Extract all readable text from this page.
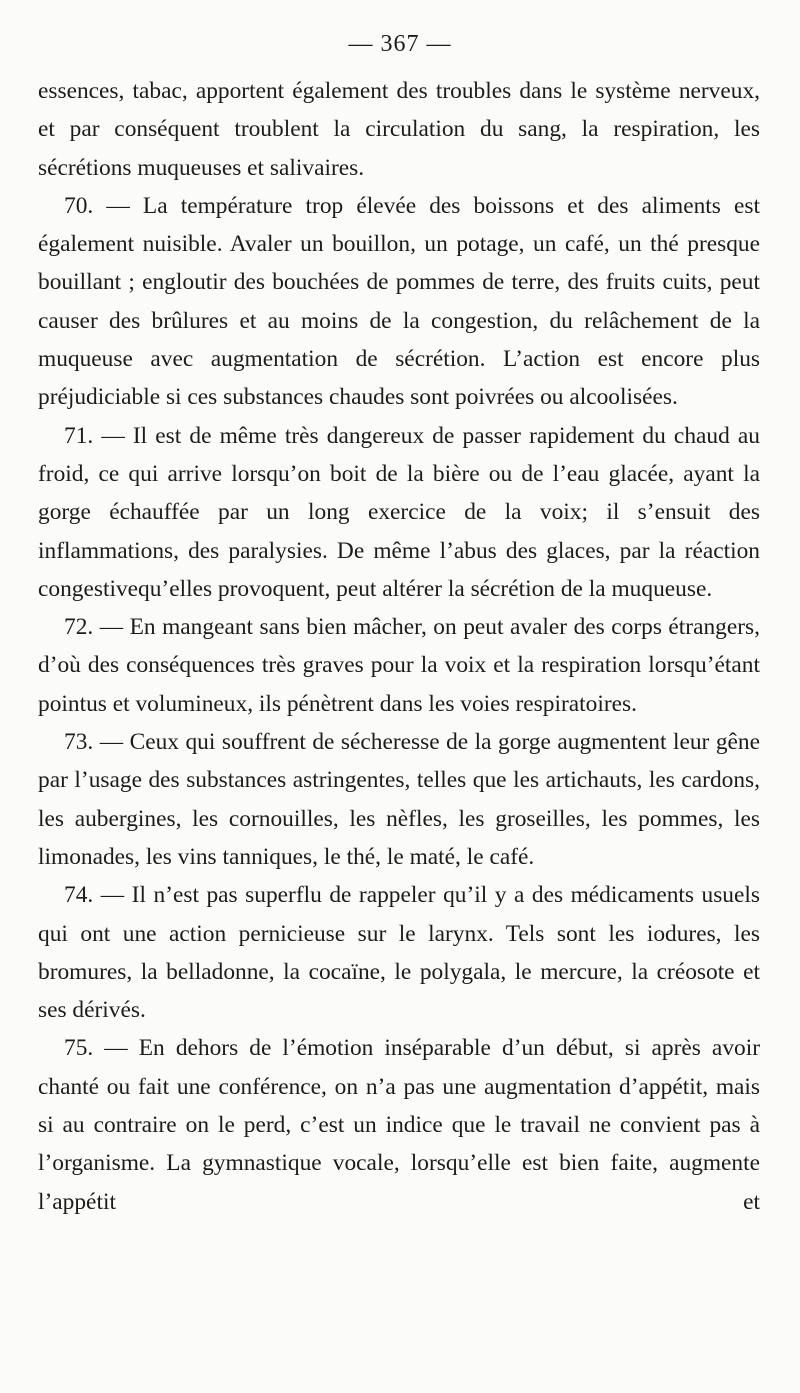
— 367 —

essences, tabac, apportent également des troubles dans le système nerveux, et par conséquent troublent la circulation du sang, la respiration, les sécrétions muqueuses et salivaires.

70. — La température trop élevée des boissons et des aliments est également nuisible. Avaler un bouillon, un potage, un café, un thé presque bouillant ; engloutir des bouchées de pommes de terre, des fruits cuits, peut causer des brûlures et au moins de la congestion, du relâchement de la muqueuse avec augmentation de sécrétion. L’action est encore plus préjudiciable si ces substances chaudes sont poivrées ou alcoolisées.

71. — Il est de même très dangereux de passer rapidement du chaud au froid, ce qui arrive lorsqu’on boit de la bière ou de l’eau glacée, ayant la gorge échauffée par un long exercice de la voix; il s’ensuit des inflammations, des paralysies. De même l’abus des glaces, par la réaction congestivequ’elles provoquent, peut altérer la sécrétion de la muqueuse.

72. — En mangeant sans bien mâcher, on peut avaler des corps étrangers, d’où des conséquences très graves pour la voix et la respiration lorsqu’étant pointus et volumineux, ils pénètrent dans les voies respiratoires.

73. — Ceux qui souffrent de sécheresse de la gorge augmentent leur gêne par l’usage des substances astringentes, telles que les artichauts, les cardons, les aubergines, les cornouilles, les nèfles, les groseilles, les pommes, les limonades, les vins tanniques, le thé, le maté, le café.

74. — Il n’est pas superflu de rappeler qu’il y a des médicaments usuels qui ont une action pernicieuse sur le larynx. Tels sont les iodures, les bromures, la belladonne, la cocaïne, le polygala, le mercure, la créosote et ses dérivés.

75. — En dehors de l’émotion inséparable d’un début, si après avoir chanté ou fait une conférence, on n’a pas une augmentation d’appétit, mais si au contraire on le perd, c’est un indice que le travail ne convient pas à l’organisme. La gymnastique vocale, lorsqu’elle est bien faite, augmente l’appétit et
